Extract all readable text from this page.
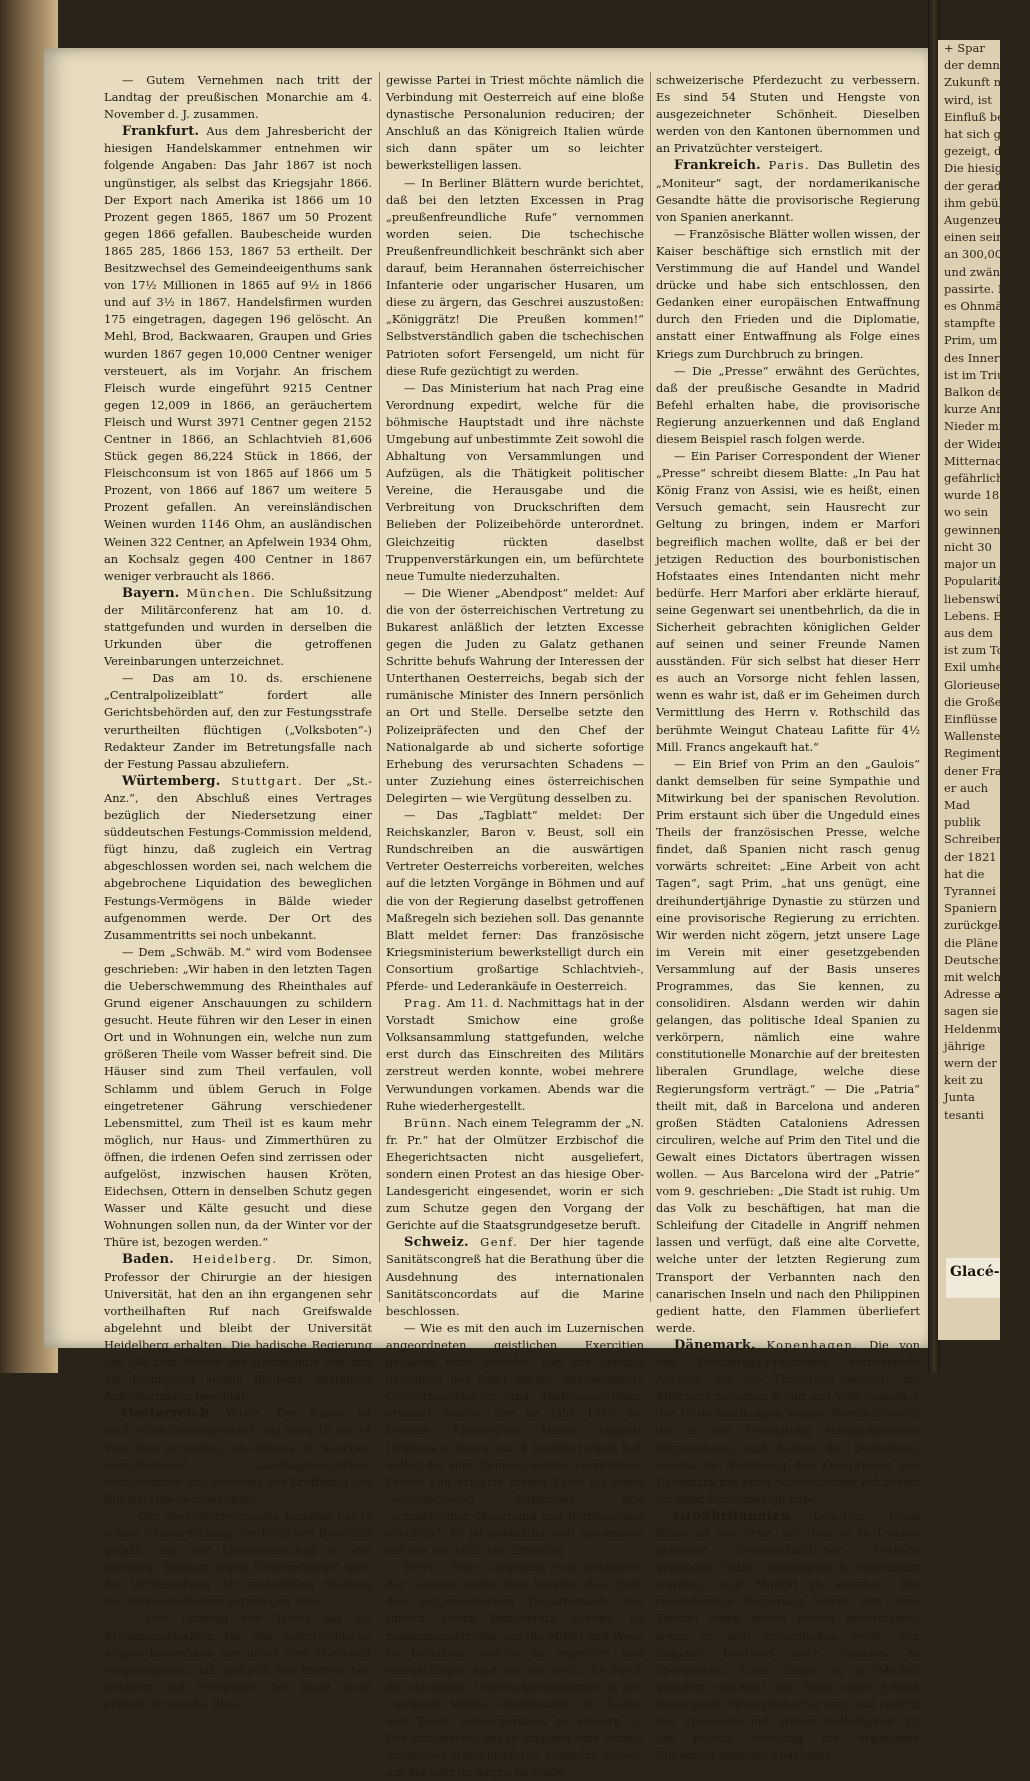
— Gutem Vernehmen nach tritt der Landtag der preußischen Monarchie am 4. November d. J. zusammen.

Frankfurt. Aus dem Jahresbericht der hiesigen Handelskammer entnehmen wir folgende Angaben: Das Jahr 1867 ist noch ungünstiger, als selbst das Kriegsjahr 1866. Der Export nach Amerika ist 1866 um 10 Prozent gegen 1865, 1867 um 50 Prozent gegen 1866 gefallen. Baubescheide wurden 1865 285, 1866 153, 1867 53 ertheilt. Der Besitzwechsel des Gemeindeeigenthums sank von 17½ Millionen in 1865 auf 9½ in 1866 und auf 3½ in 1867. Handelsfirmen wurden 175 eingetragen, dagegen 196 gelöscht. An Mehl, Brod, Backwaaren, Graupen und Gries wurden 1867 gegen 10,000 Centner weniger versteuert, als im Vorjahr. An frischem Fleisch wurde eingeführt 9215 Centner gegen 12,009 in 1866, an geräuchertem Fleisch und Wurst 3971 Centner gegen 2152 Centner in 1866, an Schlachtvieh 81,606 Stück gegen 86,224 Stück in 1866, der Fleischconsum ist von 1865 auf 1866 um 5 Prozent, von 1866 auf 1867 um weitere 5 Prozent gefallen. An vereinsländischen Weinen wurden 1146 Ohm, an ausländischen Weinen 322 Centner, an Apfelwein 1934 Ohm, an Kochsalz gegen 400 Centner in 1867 weniger verbraucht als 1866.

Bayern. München. Die Schlußsitzung der Militärconferenz hat am 10. d. stattgefunden und wurden in derselben die Urkunden über die getroffenen Vereinbarungen unterzeichnet.

— Das am 10. ds. erschienene „Centralpolizeiblatt“ fordert alle Gerichtsbehörden auf, den zur Festungsstrafe verurtheilten flüchtigen („Volksboten“-) Redakteur Zander im Betretungsfalle nach der Festung Passau abzuliefern.

Würtemberg. Stuttgart. Der „St.-Anz.“, den Abschluß eines Vertrages bezüglich der Niedersetzung einer süddeutschen Festungs-Commission meldend, fügt hinzu, daß zugleich ein Vertrag abgeschlossen worden sei, nach welchem die abgebrochene Liquidation des beweglichen Festungs-Vermögens in Bälde wieder aufgenommen werde. Der Ort des Zusammentritts sei noch unbekannt.

— Dem „Schwäb. M.“ wird vom Bodensee geschrieben: „Wir haben in den letzten Tagen die Ueberschwemmung des Rheinthales auf Grund eigener Anschauungen zu schildern gesucht. Heute führen wir den Leser in einen Ort und in Wohnungen ein, welche nun zum größeren Theile vom Wasser befreit sind. Die Häuser sind zum Theil verfaulen, voll Schlamm und üblem Geruch in Folge eingetretener Gährung verschiedener Lebensmittel, zum Theil ist es kaum mehr möglich, nur Haus- und Zimmerthüren zu öffnen, die irdenen Oefen sind zerrissen oder aufgelöst, inzwischen hausen Kröten, Eidechsen, Ottern in denselben Schutz gegen Wasser und Kälte gesucht und diese Wohnungen sollen nun, da der Winter vor der Thüre ist, bezogen werden.“

Baden. Heidelberg. Dr. Simon, Professor der Chirurgie an der hiesigen Universität, hat den an ihn ergangenen sehr vortheilhaften Ruf nach Greifswalde abgelehnt und bleibt der Universität Heidelberg erhalten. Die badische Regierung hat alle zum Besten der Hochschule von ihm als Bedingung seines Bleibens gestellten Anforderungen bewilligt.

Oesterreich. Wien. Der Kaiser ist nach Wien zurückgekehrt und wird 10 bis 14 Tage hier verweilen, um erstens die Sanction verschiedener Landtagsbeschlüsse vorzunehmen und zweitens der Eröffnung des Reichsraths beizuwohnen.

— Der oberösterreichische Landtag hat in seiner letzten Sitzung den löblichen Beschluß gefaßt, daß der Landesausschuß in der nächsten Session einen Gesetzentwurf über die Verbesserung der materiellen Stellung der Volksschullehrer vorzulegen habe.

— Der Landtag von Triest hat die Ergänzungswahlen für das österreichische Abgeordnetenhaus nur unter dem Vorbehalt vorgenommen, daß dadurch den historischen Rechten und Privilegien der Stadt nicht präjudicirt werde. Eine

gewisse Partei in Triest möchte nämlich die Verbindung mit Oesterreich auf eine bloße dynastische Personalunion reduciren; der Anschluß an das Königreich Italien würde sich dann später um so leichter bewerkstelligen lassen.

— In Berliner Blättern wurde berichtet, daß bei den letzten Excessen in Prag „preußenfreundliche Rufe“ vernommen worden seien. Die tschechische Preußenfreundlichkeit beschränkt sich aber darauf, beim Herannahen österreichischer Infanterie oder ungarischer Husaren, um diese zu ärgern, das Geschrei auszustoßen: „Königgrätz! Die Preußen kommen!“ Selbstverständlich gaben die tschechischen Patrioten sofort Fersengeld, um nicht für diese Rufe gezüchtigt zu werden.

— Das Ministerium hat nach Prag eine Verordnung expedirt, welche für die böhmische Hauptstadt und ihre nächste Umgebung auf unbestimmte Zeit sowohl die Abhaltung von Versammlungen und Aufzügen, als die Thätigkeit politischer Vereine, die Herausgabe und die Verbreitung von Druckschriften dem Belieben der Polizeibehörde unterordnet. Gleichzeitig rückten daselbst Truppenverstärkungen ein, um befürchtete neue Tumulte niederzuhalten.

— Die Wiener „Abendpost“ meldet: Auf die von der österreichischen Vertretung zu Bukarest anläßlich der letzten Excesse gegen die Juden zu Galatz gethanen Schritte behufs Wahrung der Interessen der Unterthanen Oesterreichs, begab sich der rumänische Minister des Innern persönlich an Ort und Stelle. Derselbe setzte den Polizeipräfecten und den Chef der Nationalgarde ab und sicherte sofortige Erhebung des verursachten Schadens — unter Zuziehung eines österreichischen Delegirten — wie Vergütung desselben zu.

— Das „Tagblatt“ meldet: Der Reichskanzler, Baron v. Beust, soll ein Rundschreiben an die auswärtigen Vertreter Oesterreichs vorbereiten, welches auf die letzten Vorgänge in Böhmen und auf die von der Regierung daselbst getroffenen Maßregeln sich beziehen soll. Das genannte Blatt meldet ferner: Das französische Kriegsministerium bewerkstelligt durch ein Consortium großartige Schlachtvieh-, Pferde- und Lederankäufe in Oesterreich.

Prag. Am 11. d. Nachmittags hat in der Vorstadt Smichow eine große Volksansammlung stattgefunden, welche erst durch das Einschreiten des Militärs zerstreut werden konnte, wobei mehrere Verwundungen vorkamen. Abends war die Ruhe wiederhergestellt.

Brünn. Nach einem Telegramm der „N. fr. Pr.“ hat der Olmützer Erzbischof die Ehegerichtsacten nicht ausgeliefert, sondern einen Protest an das hiesige Ober-Landesgericht eingesendet, worin er sich zum Schutze gegen den Vorgang der Gerichte auf die Staatsgrundgesetze beruft.

Schweiz. Genf. Der hier tagende Sanitätscongreß hat die Berathung über die Ausdehnung des internationalen Sanitätsconcordats auf die Marine beschlossen.

— Wie es mit den auch im Luzernischen angeordneten geistlichen Exercitien gehalten wird, beweist, daß zur Leitung derselben der Pater Anizet, der bekannte Geisterbeschwörer und Teufelsaustreiber, ernannt wurde, der im Jahr 1848 die fromme Klosterfrau Maria Augusta Delphina in Stanz von 4 Teufeln befreit hat. Selbst der sehr fromme, seither verstorbene Probst Leu erklärte diesen Pater als einen „verwahrlosten Kapuziner“ und „schmählicher Täuschung und Betrügereien schuldig“. Es ist jedenfalls weit gekommen mit der bischöflichen Einsicht!

Bern. Eine Conferenz von Delegirten der Cantone unter dem Vorsitze des Chefs des eidgenössischen Departements des Innern, Herrn Bundesrath Schenk, ist zusammengetreten, um die Mittel und Wege zu berathen, welche zu ergreifen und einzuschlagen sind, um der Noth, die durch die colossalen Ueberschwemmungen in den Cantonen Wallis, Graubünden, St. Gallen und Tessin hervorgerufen, zu steuern. — Der Bundesrath hat in England eine Anzahl englischer Halbblutpferde ankaufen lassen, um die sehr im Argen liegende

schweizerische Pferdezucht zu verbessern. Es sind 54 Stuten und Hengste von ausgezeichneter Schönheit. Dieselben werden von den Kantonen übernommen und an Privatzüchter versteigert.

Frankreich. Paris. Das Bulletin des „Moniteur“ sagt, der nordamerikanische Gesandte hätte die provisorische Regierung von Spanien anerkannt.

— Französische Blätter wollen wissen, der Kaiser beschäftige sich ernstlich mit der Verstimmung die auf Handel und Wandel drücke und habe sich entschlossen, den Gedanken einer europäischen Entwaffnung durch den Frieden und die Diplomatie, anstatt einer Entwaffnung als Folge eines Kriegs zum Durchbruch zu bringen.

— Die „Presse“ erwähnt des Gerüchtes, daß der preußische Gesandte in Madrid Befehl erhalten habe, die provisorische Regierung anzuerkennen und daß England diesem Beispiel rasch folgen werde.

— Ein Pariser Correspondent der Wiener „Presse“ schreibt diesem Blatte: „In Pau hat König Franz von Assisi, wie es heißt, einen Versuch gemacht, sein Hausrecht zur Geltung zu bringen, indem er Marfori begreiflich machen wollte, daß er bei der jetzigen Reduction des bourbonistischen Hofstaates eines Intendanten nicht mehr bedürfe. Herr Marfori aber erklärte hierauf, seine Gegenwart sei unentbehrlich, da die in Sicherheit gebrachten königlichen Gelder auf seinen und seiner Freunde Namen ausständen. Für sich selbst hat dieser Herr es auch an Vorsorge nicht fehlen lassen, wenn es wahr ist, daß er im Geheimen durch Vermittlung des Herrn v. Rothschild das berühmte Weingut Chateau Lafitte für 4½ Mill. Francs angekauft hat.“

— Ein Brief von Prim an den „Gaulois“ dankt demselben für seine Sympathie und Mitwirkung bei der spanischen Revolution. Prim erstaunt sich über die Ungeduld eines Theils der französischen Presse, welche findet, daß Spanien nicht rasch genug vorwärts schreitet: „Eine Arbeit von acht Tagen“, sagt Prim, „hat uns genügt, eine dreihundertjährige Dynastie zu stürzen und eine provisorische Regierung zu errichten. Wir werden nicht zögern, jetzt unsere Lage im Verein mit einer gesetzgebenden Versammlung auf der Basis unseres Programmes, das Sie kennen, zu consolidiren. Alsdann werden wir dahin gelangen, das politische Ideal Spanien zu verkörpern, nämlich eine wahre constitutionelle Monarchie auf der breitesten liberalen Grundlage, welche diese Regierungsform verträgt.“ — Die „Patria“ theilt mit, daß in Barcelona und anderen großen Städten Cataloniens Adressen circuliren, welche auf Prim den Titel und die Gewalt eines Dictators übertragen wissen wollen. — Aus Barcelona wird der „Patrie“ vom 9. geschrieben: „Die Stadt ist ruhig. Um das Volk zu beschäftigen, hat man die Schleifung der Citadelle in Angriff nehmen lassen und verfügt, daß eine alte Corvette, welche unter der letzten Regierung zum Transport der Verbannten nach den canarischen Inseln und nach den Philippinen gedient hatte, den Flammen überliefert werde.

Dänemark. Kopenhagen. Die von den Reichstags-Fractionen vorbereitete Adresse auf die Thronrede berührt die Eintracht zwischen König und Volk bezüglich der Unterhandlungen wegen Nordschleswig, die in der Verwaltung stattgefundenen Ersparungen, und betont die Bedeutung, welche die Verlobung des Kronprinzen von Dänemark mit einer schwedischen Prinzessin für ganz Scandinavien habe.

Großbritannien. London. Louis Blanc ist von Prim, mit dem er in London jederzeit freundschaftlichen Verkehr gepflogen hatte, telegraphisch eingeladen worden, nach Madrid zu kommen. Die revolutionäre Regierung würde ihm ohne Zweifel einen hohen Posten anvertrauen, wenn er sich entschließen wolle, von England bleibend nach Spanien zu übersiedeln. Louis Blanc ist in Madrid geboren, woselbst sein Vater unter Joseph Buonoparte Finanzinspector war, und spricht das Spanische mit großer Geläufigkeit. Er hat jedoch vorläufig die ergangene Einladung dankend abgelehnt.

+ Spar
der demnäch
Zukunft mög
wird, ist
Einfluß bei
hat sich ge
gezeigt, da
Die hiesige
der geraden
ihm gebührt
Augenzeuge
einen sein
an 300,000
und zwängt
passirte. Es
es Ohnmächt
stampfte im
Prim, um
des Innern
ist im Triumph
Balkon de
kurze Anred
Nieder mit
der Wider
Mitternacht
gefährlich
wurde 18
wo sein
gewinnen
nicht 30
major un
Popularität
liebenswür
Lebens. Er
aus dem
ist zum Tode
Exil umher
Glorieuses
die Großen
Einflüsse
Wallensteins
Regiments
dener Frau
er auch
Mad
publik
Schreiben
der 1821
hat die
Tyrannei
Spaniern
zurückgekehrt
die Pläne
Deutschen
mit welchem
Adresse an
sagen sie
Heldenmuth
jährige
wern der
keit zu
Junta
tesanti
Glacé-
